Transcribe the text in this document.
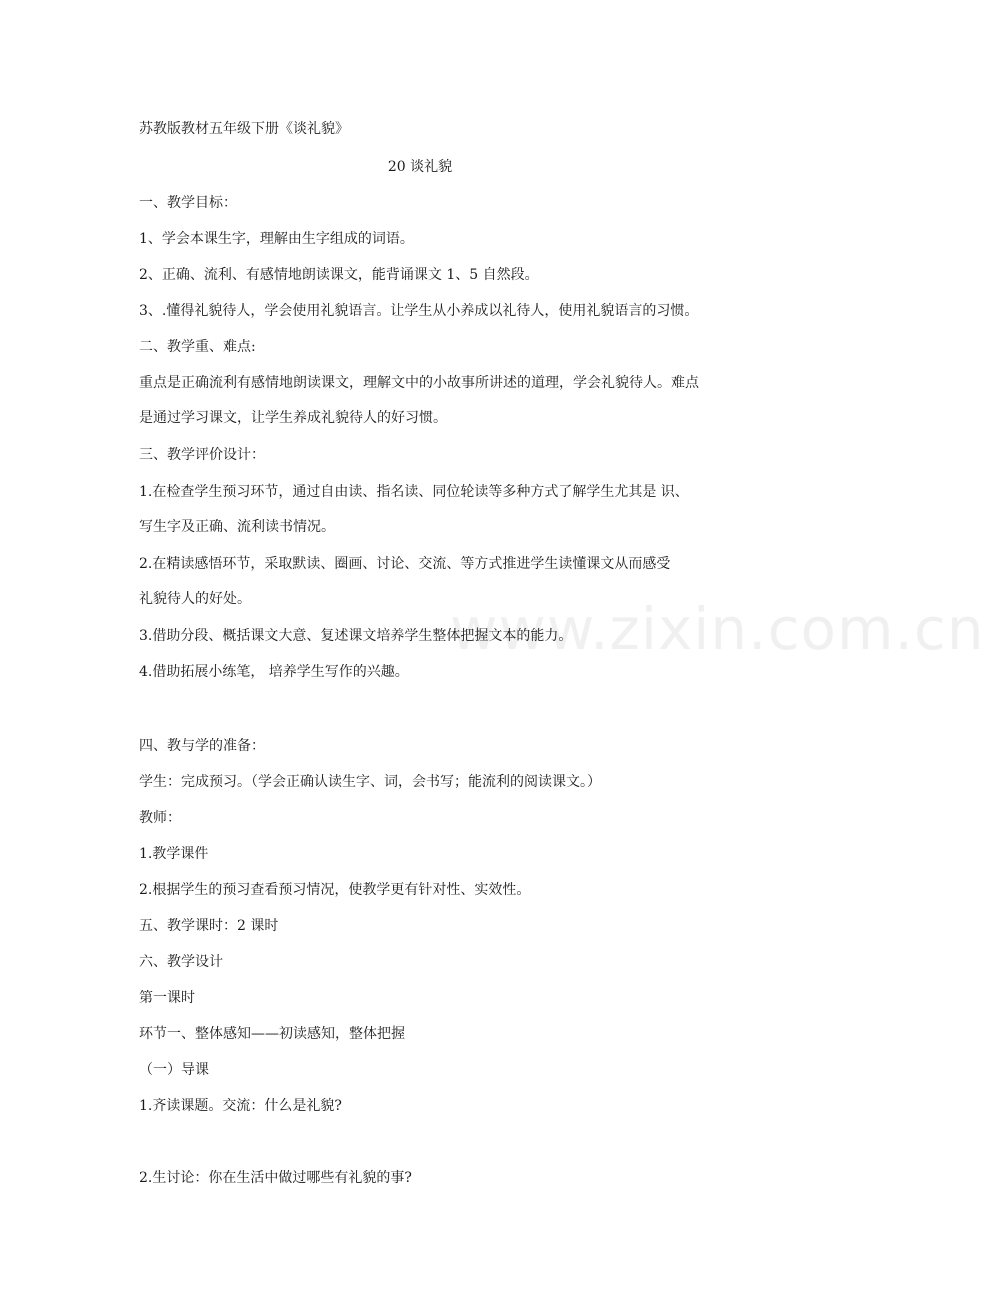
苏教版教材五年级下册《谈礼貌》
20 谈礼貌
一、教学目标：
1、学会本课生字，理解由生字组成的词语。
2、正确、流利、有感情地朗读课文，能背诵课文 1、5 自然段。
3、.懂得礼貌待人，学会使用礼貌语言。让学生从小养成以礼待人，使用礼貌语言的习惯。
二、教学重、难点:
重点是正确流利有感情地朗读课文，理解文中的小故事所讲述的道理，学会礼貌待人。难点
是通过学习课文，让学生养成礼貌待人的好习惯。
三、教学评价设计：
1.在检查学生预习环节，通过自由读、指名读、同位轮读等多种方式了解学生尤其是 识、
写生字及正确、流利读书情况。
2.在精读感悟环节，采取默读、圈画、讨论、交流、等方式推进学生读懂课文从而感受
礼貌待人的好处。
3.借助分段、概括课文大意、复述课文培养学生整体把握文本的能力。
4.借助拓展小练笔， 培养学生写作的兴趣。
四、教与学的准备：
学生：完成预习。（学会正确认读生字、词，会书写；能流利的阅读课文。）
教师：
1.教学课件
2.根据学生的预习查看预习情况，使教学更有针对性、实效性。
五、教学课时：2 课时
六、教学设计
第一课时
环节一、整体感知——初读感知，整体把握
（一）导课
1.齐读课题。交流：什么是礼貌?
2.生讨论：你在生活中做过哪些有礼貌的事?
www.zixin.com.cn
